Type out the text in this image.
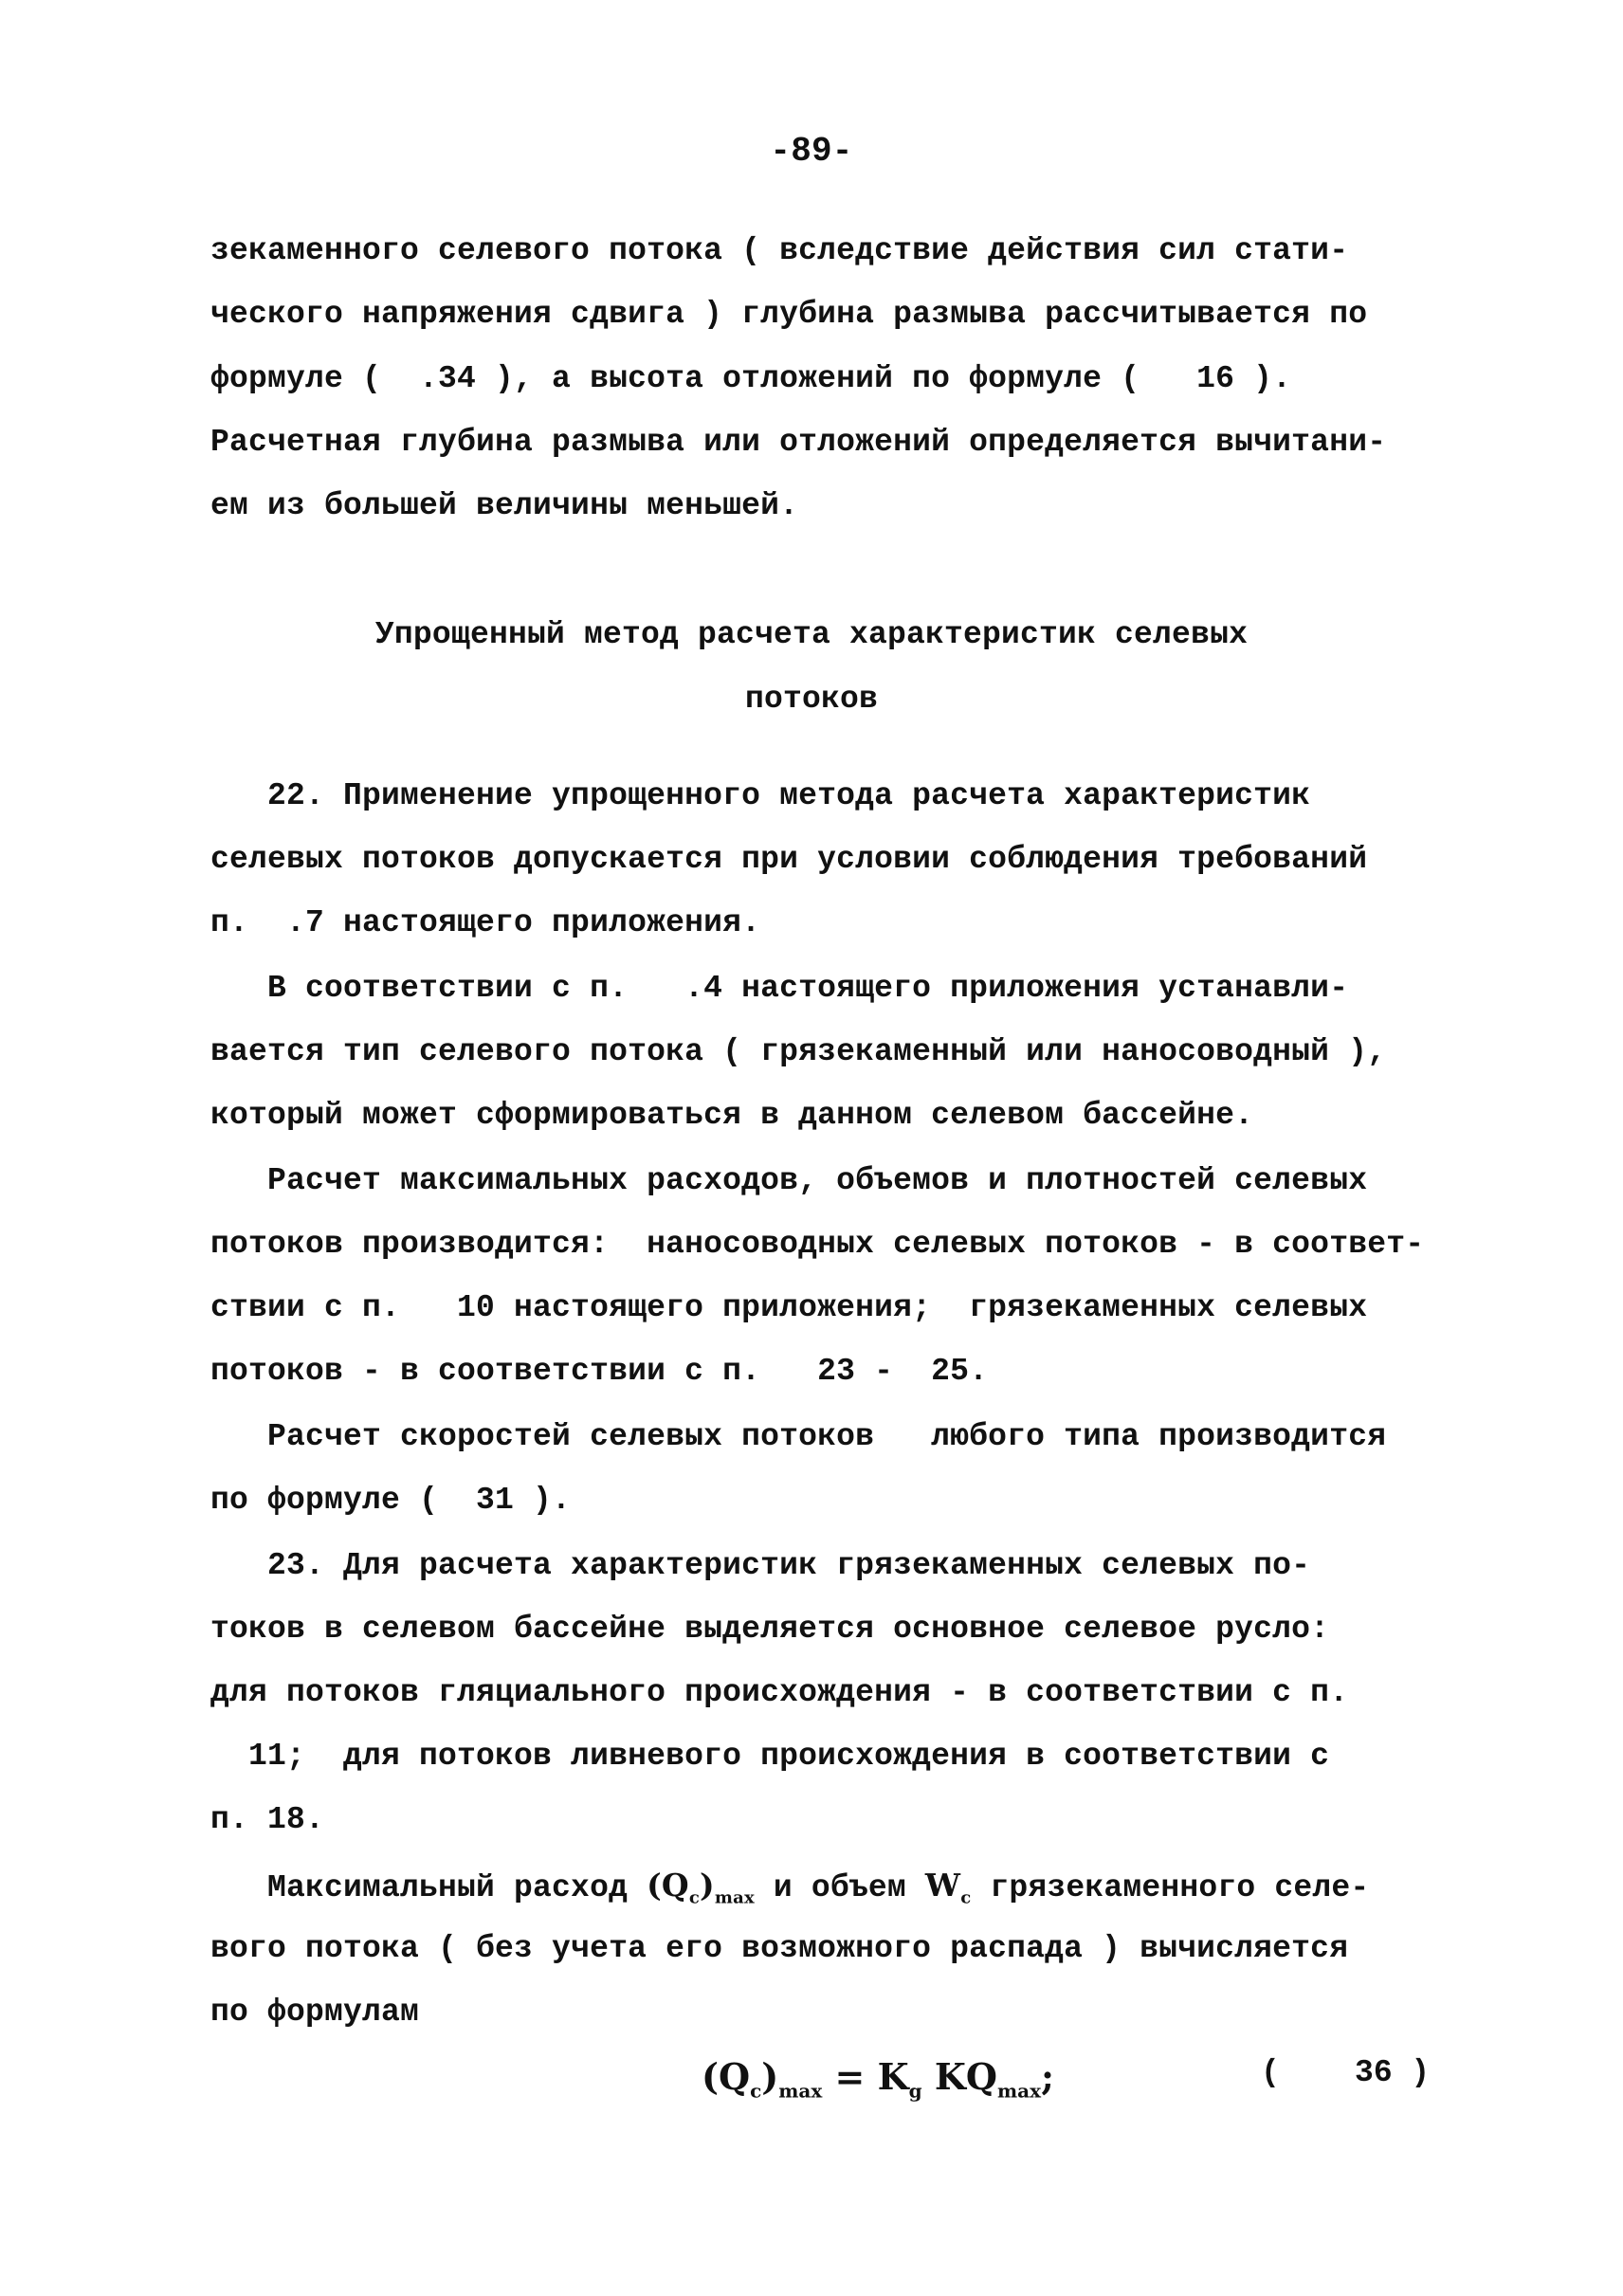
-89-
зекаменного селевого потока ( вследствие действия сил стати-
ческого напряжения сдвига ) глубина размыва рассчитывается по
формуле (  .34 ), а высота отложений по формуле (   16 ).
Расчетная глубина размыва или отложений определяется вычитани-
ем из большей величины меньшей.
Упрощенный метод расчета характеристик селевых
потоков
22. Применение упрощенного метода расчета характеристик
селевых потоков допускается при условии соблюдения требований
п.  .7 настоящего приложения.
В соответствии с п.   .4 настоящего приложения устанавли-
вается тип селевого потока ( грязекаменный или наносоводный ),
который может сформироваться в данном селевом бассейне.
Расчет максимальных расходов, объемов и плотностей селевых
потоков производится:  наносоводных селевых потоков - в соответ-
ствии с п.   10 настоящего приложения;  грязекаменных селевых
потоков - в соответствии с п.   23 -  25.
Расчет скоростей селевых потоков   любого типа производится
по формуле (  31 ).
23. Для расчета характеристик грязекаменных селевых по-
токов в селевом бассейне выделяется основное селевое русло:
для потоков гляциального происхождения - в соответствии с п.
11;  для потоков ливневого происхождения в соответствии с
п. 18.
Максимальный расход $(Q_c)_{max}$ и объем $W_c$ грязекаменного селе-
вого потока ( без учета его возможного распада ) вычисляется
по формулам
$(Q_c)_{max} = K_g$ $KQ_{max}$;	(    36 )
